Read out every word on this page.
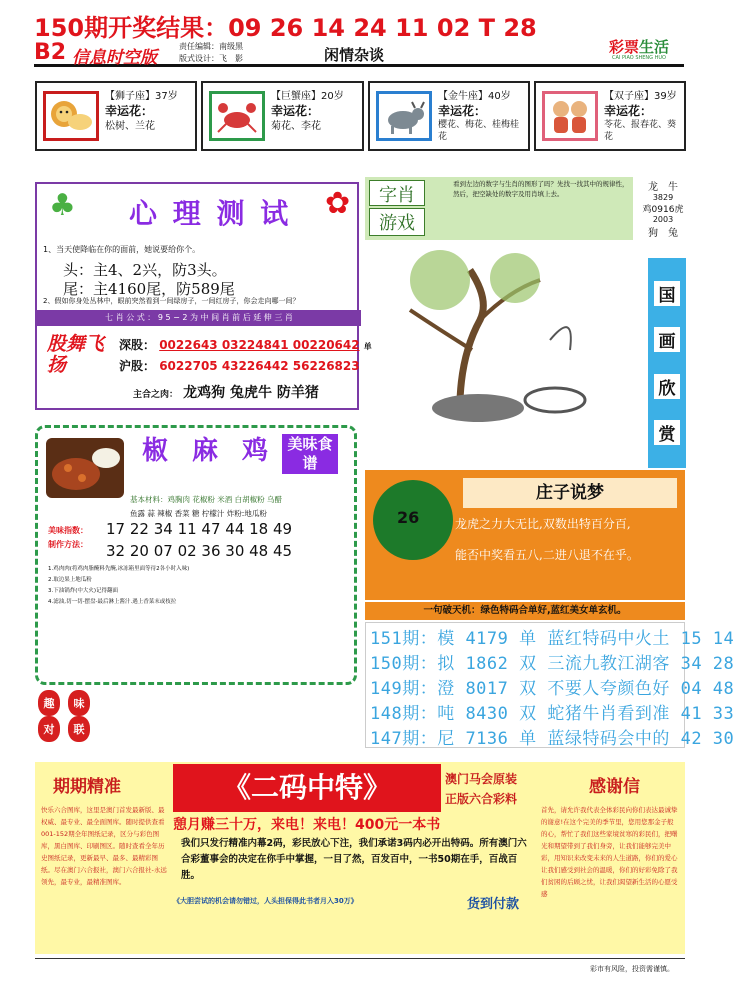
150期开奖结果：09 26 14 24 11 02 T 28
B2 信息时空版
责任编辑：南级黑
版式设计：飞　影	闲情杂谈	彩票生活
CAI PIAO SHENG HUO
【狮子座】37岁
幸运花：
松树、兰花
【巨蟹座】20岁
幸运花：
菊花、李花
【金牛座】40岁
幸运花：
樱花、梅花、桂梅桂花
【双子座】39岁
幸运花：
苓花、报春花、葵花
♣	✿
心 理 测 试
1、当天使降临在你的面前，她说要给你个。
头：主4、2兴，防3头。
尾：主4160尾，防589尾
2、假如你身处丛林中，眼前突然看到一间绿房子，一间红房子，你会走向哪一间？
七 肖 公 式 ： 9 5 − 2 为 中 间 肖 前 后 延 伸 三 肖
股舞飞扬
深股： 0022643 03224841 00220642 单
沪股： 6022705 43226442 56226823
主合之肉： 龙鸡狗 兔虎牛 防羊猪
字肖
游戏
看到左边的数字与生肖的图形了吗？先找一找其中的规律性，然后，把空缺处的数字及用肖填上去。
龙　牛
3829
鸡0916虎
2003
狗　兔
国
画
欣
赏
椒 麻 鸡	美味食谱
基本材料：鸡胸肉 花椒粉 米酒 白胡椒粉 乌醋
鱼露 蒜 辣椒 香菜 糖 柠檬汁 炸粉:地瓜粉
美味指数：
制作方法：
17 22 34 11 47 44 18 49
32 20 07 02 36 30 48 45
1.鸡肉肉(将鸡肉脂醃料先醃,冰冻箱里面等待2各小时入味)
2.取边果上地瓜粉
3.下油锅炸(中大火)记得翻面
4.滤油,切一切-摆盘-最后淋上酱汁.遇上香菜末或枝拉
26
庄子说梦
龙虎之力大无比,双数出特百分百,
能否中奖看五八,二进八退不在乎。
一句破天机：绿色特码合单好,蓝红美女单玄机。
151期：模 4179 单 蓝红特码中火土 15 14
150期：拟 1862 双 三流九教江湖客 34 28
149期：澄 8017 双 不要人夸颜色好 04 48
148期：吨 8430 双 蛇猪牛肖看到准 41 33
147期：尼 7136 单 蓝绿特码会中的 42 30
趣	味
对	联
期期精准
快乐六合图库，这里是澳门首发最新版、最权威、最专业、最全面图库。随时提供查看001-152期全年图纸记录，区分与彩色图库，黑白图库、印刷图区。随时查看全年历史图纸记录，更新最早、最多、最精彩图纸。尽在澳门六合报社，澳门六合报社-永远领先，最专业，最精准图库。
《二码中特》	澳门马会原装
正版六合彩料
憩月赚三十万，来电！来电！400元一本书
我们只发行精准内幕2码，彩民放心下注，我们承诺3码内必开出特码。所有澳门六合彩董事会的决定在你手中掌握，一目了然，百发百中，一书50期在手，百战百胜。
《大胆尝试的机会请勿错过，人头担保得此书者月入30万》	货到付款
感谢信
首先，请允许我代表全体彩民向你们表达最诚挚的谢意!在这个完美的季节里，您用您那金子般的心，帮忙了我们这些家境贫寒的彩民们，把曙光和期望带到了我们身旁，让我们能够完美中彩，用知识来改变未来的人生道路，你们的爱心让我们感受到社会的温暖，你们的好彩免除了我们贫困的后顾之忧，让我们渴望新生活的心愿受感
彩市有风险，投资需谨慎。
